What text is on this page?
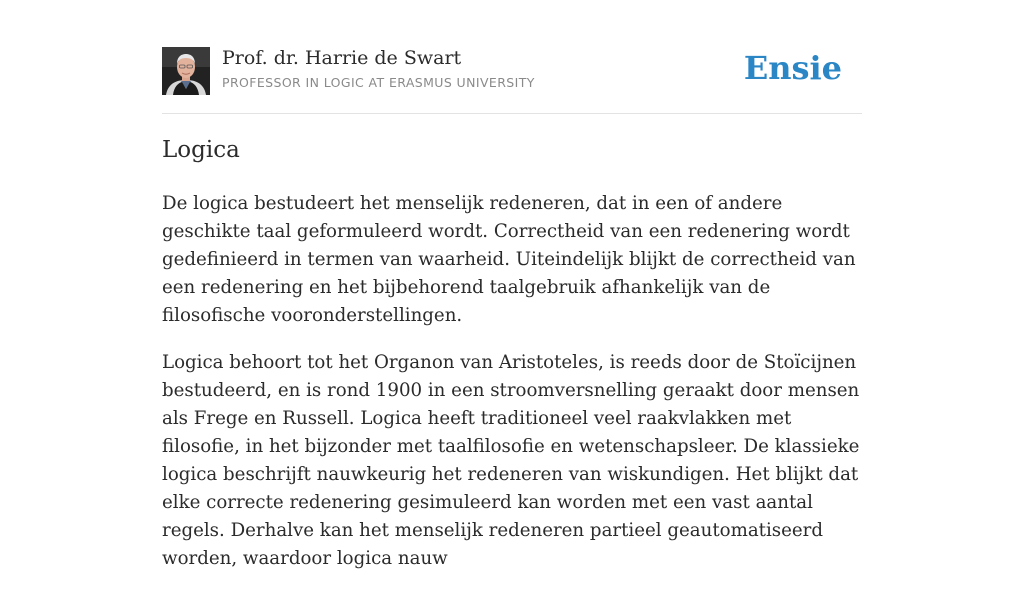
Prof. dr. Harrie de Swart
PROFESSOR IN LOGIC AT ERASMUS UNIVERSITY	Ensie
Logica

De logica bestudeert het menselijk redeneren, dat in een of andere geschikte taal geformuleerd wordt. Correctheid van een redenering wordt gedefinieerd in termen van waarheid. Uiteindelijk blijkt de correctheid van een redenering en het bijbehorend taalgebruik afhankelijk van de filosofische vooronderstellingen.

Logica behoort tot het Organon van Aristoteles, is reeds door de Stoïcijnen bestudeerd, en is rond 1900 in een stroomversnelling geraakt door mensen als Frege en Russell. Logica heeft traditioneel veel raakvlakken met filosofie, in het bijzonder met taalfilosofie en wetenschapsleer. De klassieke logica beschrijft nauwkeurig het redeneren van wiskundigen. Het blijkt dat elke correcte redenering gesimuleerd kan worden met een vast aantal regels. Derhalve kan het menselijk redeneren partieel geautomatiseerd worden, waardoor logica nauw
